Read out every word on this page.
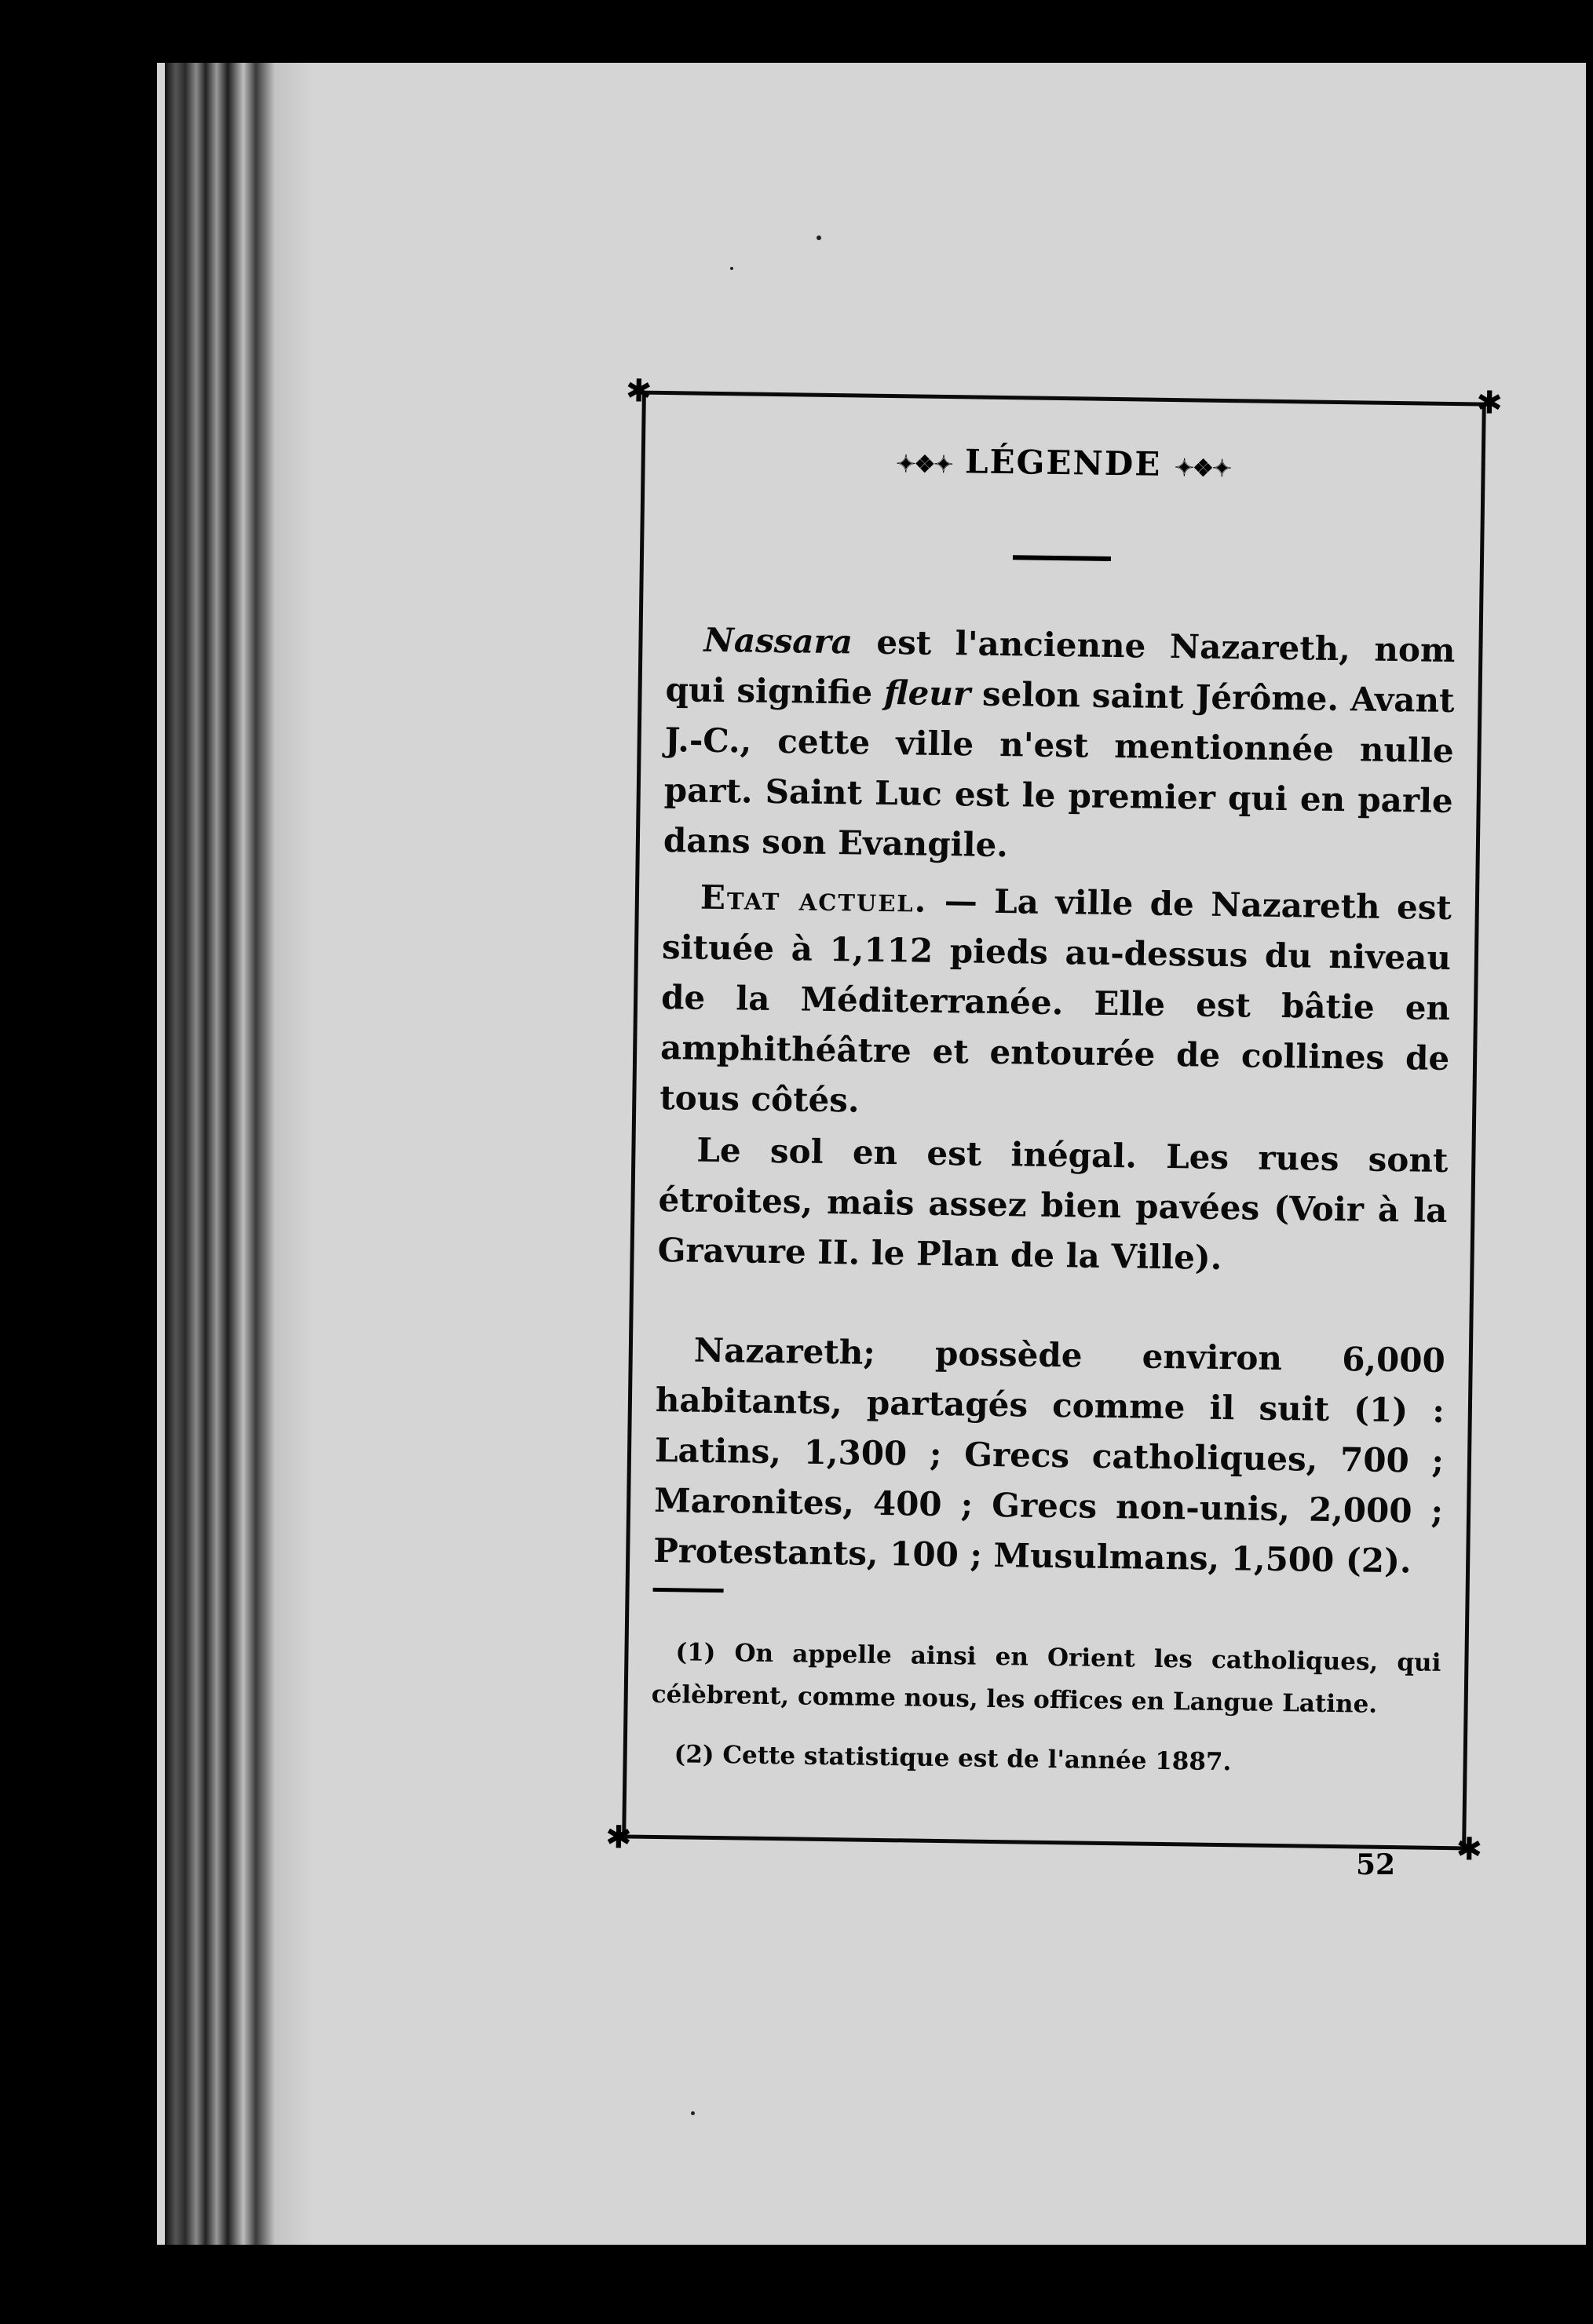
✱	✱
✱	✱
✦❖✦ LÉGENDE ✦❖✦

Nassara est l'ancienne Nazareth, nom qui signifie fleur selon saint Jérôme. Avant J.-C., cette ville n'est mentionnée nulle part. Saint Luc est le premier qui en parle dans son Evangile.

Etat actuel. — La ville de Nazareth est située à 1,112 pieds au-dessus du niveau de la Méditerranée. Elle est bâtie en amphithéâtre et entourée de collines de tous côtés.

Le sol en est inégal. Les rues sont étroites, mais assez bien pavées (Voir à la Gravure II. le Plan de la Ville).

Nazareth; possède environ 6,000 habitants, partagés comme il suit (1) : Latins, 1,300 ; Grecs catholiques, 700 ; Maronites, 400 ; Grecs non-unis, 2,000 ; Protestants, 100 ; Musulmans, 1,500 (2).

(1) On appelle ainsi en Orient les catholiques, qui célèbrent, comme nous, les offices en Langue Latine.

(2) Cette statistique est de l'année 1887.

52
